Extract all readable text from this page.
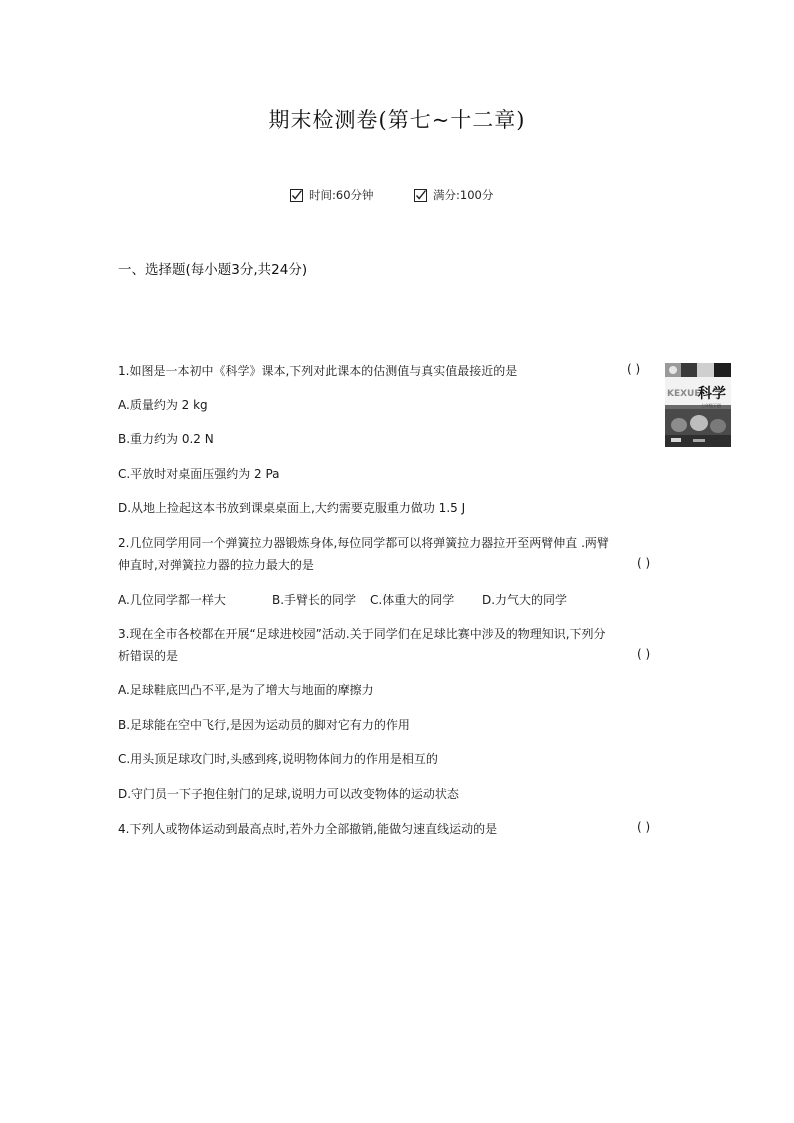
期末检测卷(第七~十二章)
时间:60分钟	满分:100分
一、选择题(每小题3分,共24分)
1.如图是一本初中《科学》课本,下列对此课本的估测值与真实值最接近的是	( )
KEXUE
科学
七年级下册
A.质量约为 2 kg
B.重力约为 0.2 N
C.平放时对桌面压强约为 2 Pa
D.从地上捡起这本书放到课桌桌面上,大约需要克服重力做功 1.5 J
2.几位同学用同一个弹簧拉力器锻炼身体,每位同学都可以将弹簧拉力器拉开至两臂伸直 .两臂
伸直时,对弹簧拉力器的拉力最大的是	( )
A.几位同学都一样大	B.手臂长的同学 C.体重大的同学 D.力气大的同学
3.现在全市各校都在开展“足球进校园”活动.关于同学们在足球比赛中涉及的物理知识,下列分
析错误的是	( )
A.足球鞋底凹凸不平,是为了增大与地面的摩擦力
B.足球能在空中飞行,是因为运动员的脚对它有力的作用
C.用头顶足球攻门时,头感到疼,说明物体间力的作用是相互的
D.守门员一下子抱住射门的足球,说明力可以改变物体的运动状态
4.下列人或物体运动到最高点时,若外力全部撤销,能做匀速直线运动的是	( )
